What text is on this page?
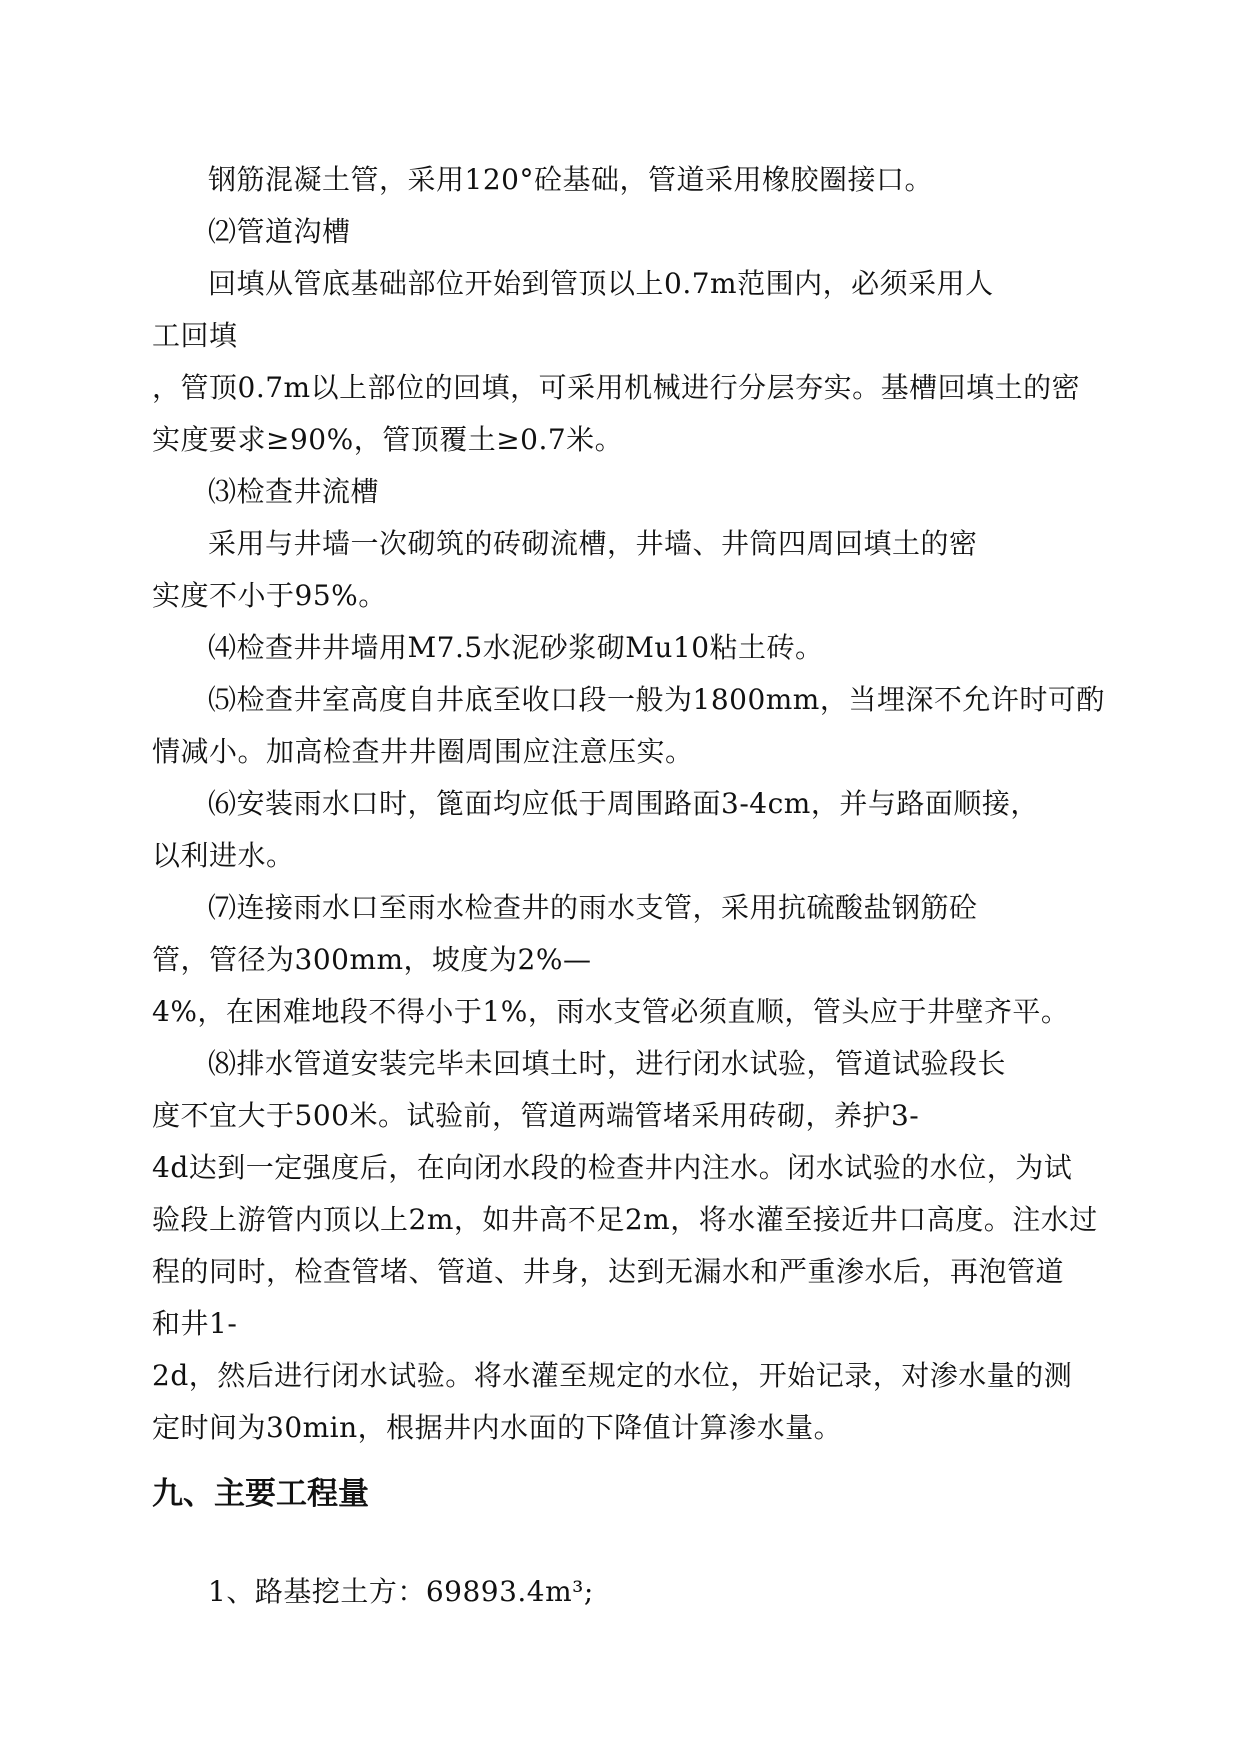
钢筋混凝土管，采用120°砼基础，管道采用橡胶圈接口。
⑵管道沟槽
回填从管底基础部位开始到管顶以上0.7m范围内，必须采用人
工回填
，管顶0.7m以上部位的回填，可采用机械进行分层夯实。基槽回填土的密
实度要求≥90%，管顶覆土≥0.7米。
⑶检查井流槽
采用与井墙一次砌筑的砖砌流槽，井墙、井筒四周回填土的密
实度不小于95%。
⑷检查井井墙用M7.5水泥砂浆砌Mu10粘土砖。
⑸检查井室高度自井底至收口段一般为1800mm，当埋深不允许时可酌
情减小。加高检查井井圈周围应注意压实。
⑹安装雨水口时，篦面均应低于周围路面3-4cm，并与路面顺接，
以利进水。
⑺连接雨水口至雨水检查井的雨水支管，采用抗硫酸盐钢筋砼
管，管径为300mm，坡度为2%—
4%，在困难地段不得小于1%，雨水支管必须直顺，管头应于井壁齐平。
⑻排水管道安装完毕未回填土时，进行闭水试验，管道试验段长
度不宜大于500米。试验前，管道两端管堵采用砖砌，养护3-
4d达到一定强度后，在向闭水段的检查井内注水。闭水试验的水位，为试
验段上游管内顶以上2m，如井高不足2m，将水灌至接近井口高度。注水过
程的同时，检查管堵、管道、井身，达到无漏水和严重渗水后，再泡管道
和井1-
2d，然后进行闭水试验。将水灌至规定的水位，开始记录，对渗水量的测
定时间为30min，根据井内水面的下降值计算渗水量。
九、主要工程量
1、路基挖土方：69893.4m³;
